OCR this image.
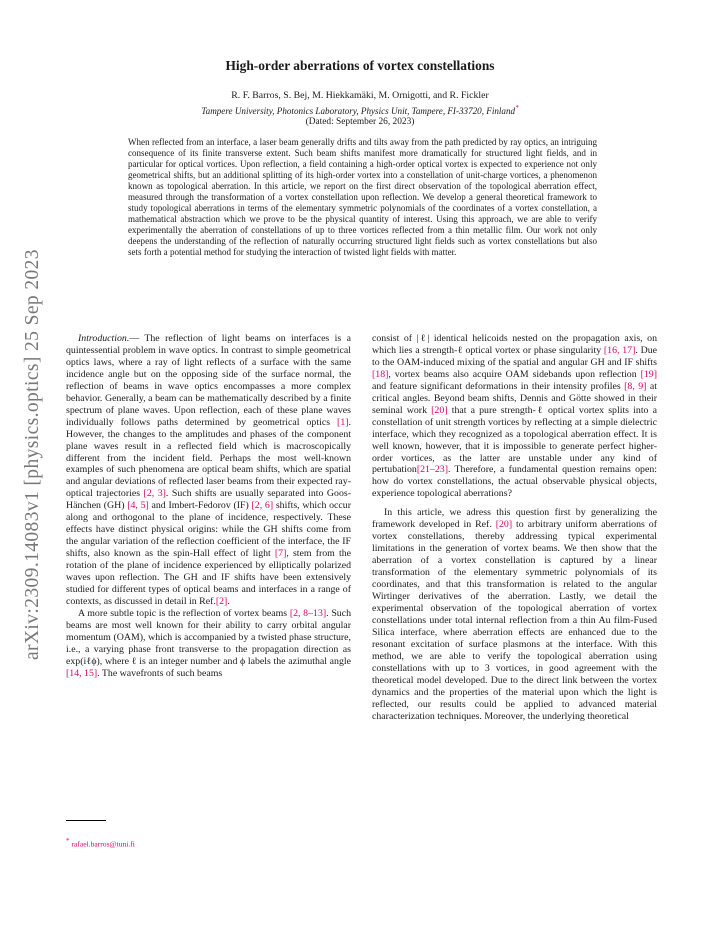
arXiv:2309.14083v1 [physics.optics] 25 Sep 2023
High-order aberrations of vortex constellations
R. F. Barros, S. Bej, M. Hiekkamäki, M. Ornigotti, and R. Fickler
Tampere University, Photonics Laboratory, Physics Unit, Tampere, FI-33720, Finland*
(Dated: September 26, 2023)
When reflected from an interface, a laser beam generally drifts and tilts away from the path predicted by ray optics, an intriguing consequence of its finite transverse extent. Such beam shifts manifest more dramatically for structured light fields, and in particular for optical vortices. Upon reflection, a field containing a high-order optical vortex is expected to experience not only geometrical shifts, but an additional splitting of its high-order vortex into a constellation of unit-charge vortices, a phenomenon known as topological aberration. In this article, we report on the first direct observation of the topological aberration effect, measured through the transformation of a vortex constellation upon reflection. We develop a general theoretical framework to study topological aberrations in terms of the elementary symmetric polynomials of the coordinates of a vortex constellation, a mathematical abstraction which we prove to be the physical quantity of interest. Using this approach, we are able to verify experimentally the aberration of constellations of up to three vortices reflected from a thin metallic film. Our work not only deepens the understanding of the reflection of naturally occurring structured light fields such as vortex constellations but also sets forth a potential method for studying the interaction of twisted light fields with matter.

Introduction.— The reflection of light beams on interfaces is a quintessential problem in wave optics. In contrast to simple geometrical optics laws, where a ray of light reflects of a surface with the same incidence angle but on the opposing side of the surface normal, the reflection of beams in wave optics encompasses a more complex behavior. Generally, a beam can be mathematically described by a finite spectrum of plane waves. Upon reflection, each of these plane waves individually follows paths determined by geometrical optics [1]. However, the changes to the amplitudes and phases of the component plane waves result in a reflected field which is macroscopically different from the incident field. Perhaps the most well-known examples of such phenomena are optical beam shifts, which are spatial and angular deviations of reflected laser beams from their expected ray-optical trajectories [2, 3]. Such shifts are usually separated into Goos-Hänchen (GH) [4, 5] and Imbert-Fedorov (IF) [2, 6] shifts, which occur along and orthogonal to the plane of incidence, respectively. These effects have distinct physical origins: while the GH shifts come from the angular variation of the reflection coefficient of the interface, the IF shifts, also known as the spin-Hall effect of light [7], stem from the rotation of the plane of incidence experienced by elliptically polarized waves upon reflection. The GH and IF shifts have been extensively studied for different types of optical beams and interfaces in a range of contexts, as discussed in detail in Ref.[2].

A more subtle topic is the reflection of vortex beams [2, 8–13]. Such beams are most well known for their ability to carry orbital angular momentum (OAM), which is accompanied by a twisted phase structure, i.e., a varying phase front transverse to the propagation direction as exp(iℓϕ), where ℓ is an integer number and ϕ labels the azimuthal angle [14, 15]. The wavefronts of such beams

consist of |ℓ| identical helicoids nested on the propagation axis, on which lies a strength-ℓ optical vortex or phase singularity [16, 17]. Due to the OAM-induced mixing of the spatial and angular GH and IF shifts [18], vortex beams also acquire OAM sidebands upon reflection [19] and feature significant deformations in their intensity profiles [8, 9] at critical angles. Beyond beam shifts, Dennis and Götte showed in their seminal work [20] that a pure strength-ℓ optical vortex splits into a constellation of unit strength vortices by reflecting at a simple dielectric interface, which they recognized as a topological aberration effect. It is well known, however, that it is impossible to generate perfect higher-order vortices, as the latter are unstable under any kind of pertubation[21–23]. Therefore, a fundamental question remains open: how do vortex constellations, the actual observable physical objects, experience topological aberrations?

In this article, we adress this question first by generalizing the framework developed in Ref. [20] to arbitrary uniform aberrations of vortex constellations, thereby addressing typical experimental limitations in the generation of vortex beams. We then show that the aberration of a vortex constellation is captured by a linear transformation of the elementary symmetric polynomials of its coordinates, and that this transformation is related to the angular Wirtinger derivatives of the aberration. Lastly, we detail the experimental observation of the topological aberration of vortex constellations under total internal reflection from a thin Au film-Fused Silica interface, where aberration effects are enhanced due to the resonant excitation of surface plasmons at the interface. With this method, we are able to verify the topological aberration using constellations with up to 3 vortices, in good agreement with the theoretical model developed. Due to the direct link between the vortex dynamics and the properties of the material upon which the light is reflected, our results could be applied to advanced material characterization techniques. Moreover, the underlying theoretical

* rafael.barros@tuni.fi
